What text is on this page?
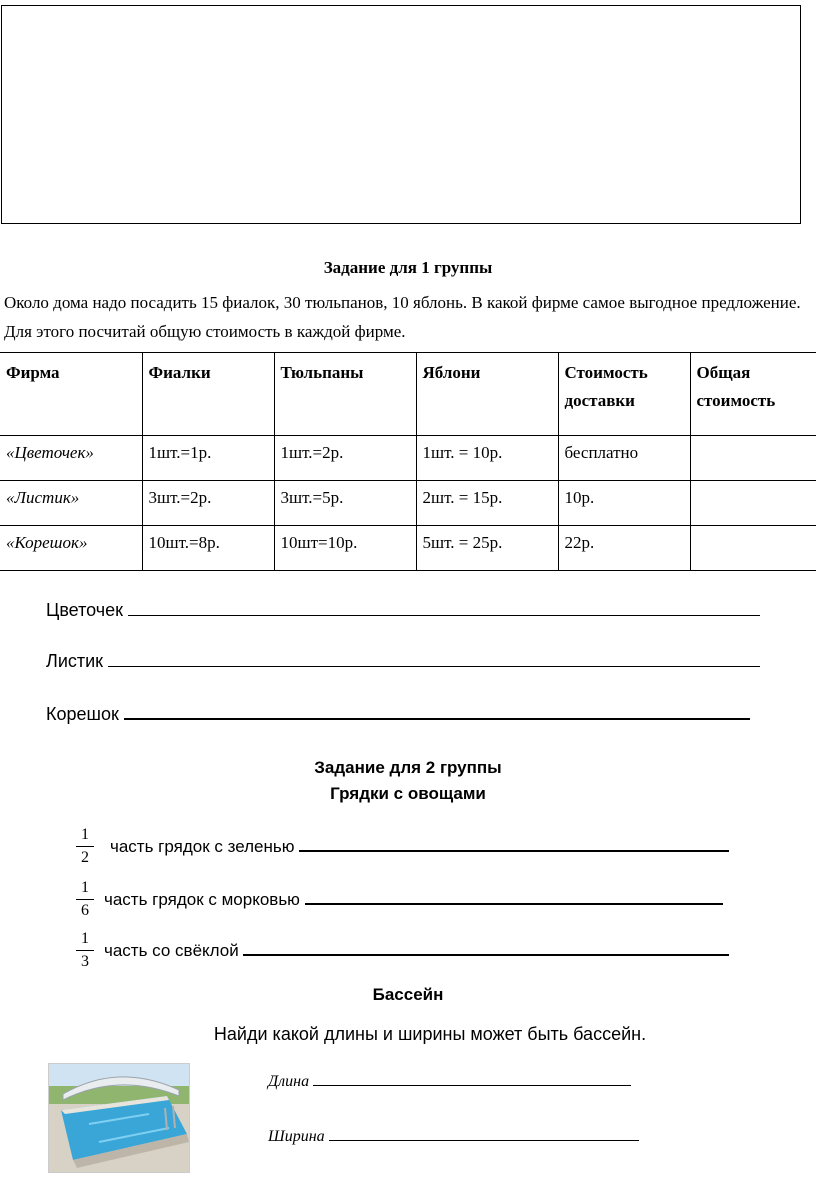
Задание для 1 группы
Около дома надо посадить 15 фиалок, 30 тюльпанов, 10 яблонь. В какой фирме самое выгодное предложение. Для этого посчитай общую стоимость в каждой фирме.
Фирма	Фиалки	Тюльпаны	Яблони	Стоимость доставки	Общая стоимость
«Цветочек»	1шт.=1р.	1шт.=2р.	1шт. = 10р.	бесплатно	
«Листик»	3шт.=2р.	3шт.=5р.	2шт. = 15р.	10р.	
«Корешок»	10шт.=8р.	10шт=10р.	5шт. = 25р.	22р.	
Цветочек
Листик
Корешок
Задание для 2 группы
Грядки с овощами
1
2
часть грядок с зеленью
1
6
часть грядок с морковью
1
3
часть со свёклой
Бассейн
Найди какой длины и ширины может быть бассейн.
Длина
Ширина
